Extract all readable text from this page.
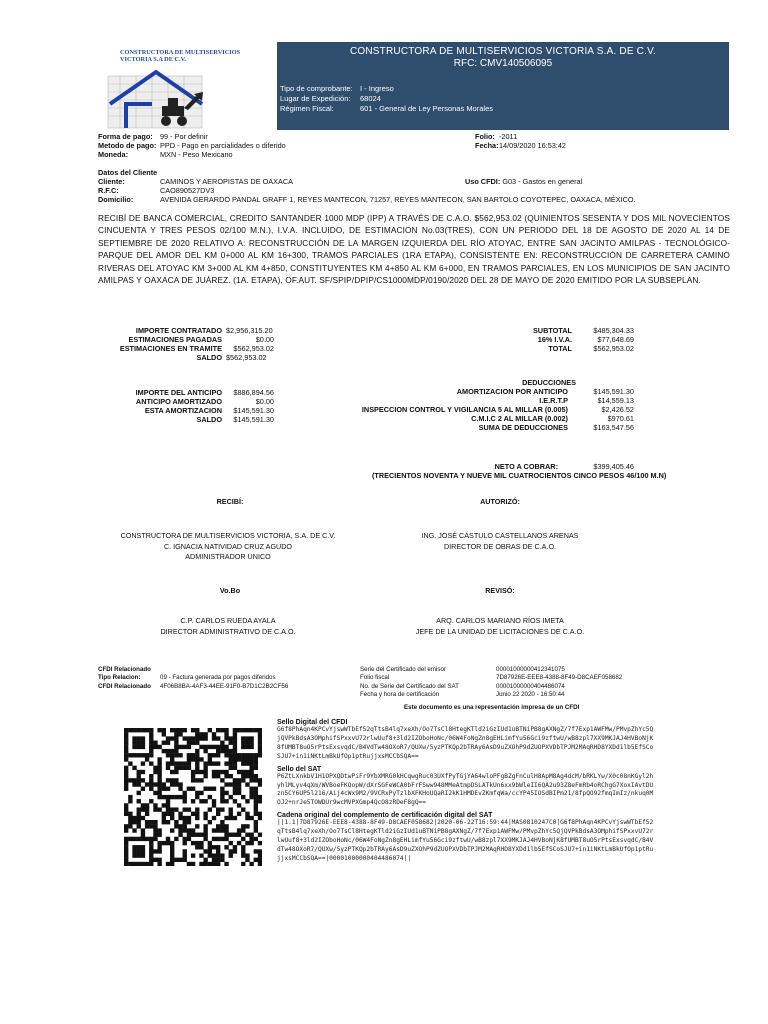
CONSTRUCTORA DE MULTISERVICIOS
VICTORIA S.A DE C.V.
CONSTRUCTORA DE MULTISERVICIOS VICTORIA S.A. DE C.V.
RFC: CMV140506095
Tipo de comprobante: I - Ingreso
Lugar de Expedición: 68024
Régimen Fiscal:	601 - General de Ley Personas Morales
Forma de pago: 99 - Por definir
Metodo de pago: PPD - Pago en parcialidades o diferido
Moneda:	MXN - Peso Mexicano
Folio: -2011
Fecha:14/09/2020 16:53:42
Datos del Cliente
Cliente:	CAMINOS Y AEROPISTAS DE OAXACA
R.F.C:	CAO890527DV3
Domicilio:	AVENIDA GERARDO PANDAL GRAFF 1, REYES MANTECON, 71257, REYES MANTECON, SAN BARTOLO COYOTEPEC, OAXACA, MÉXICO.
Uso CFDI: G03 - Gastos en general
RECIBÍ DE BANCA COMERCIAL, CREDITO SANTANDER 1000 MDP (IPP) A TRAVÉS DE C.A.O. $562,953.02 (QUINIENTOS SESENTA Y DOS MIL NOVECIENTOS CINCUENTA Y TRES PESOS 02/100 M.N.), I.V.A. INCLUIDO, DE ESTIMACION No.03(TRES), CON UN PERIODO DEL 18 DE AGOSTO DE 2020 AL 14 DE SEPTIEMBRE DE 2020 RELATIVO A: RECONSTRUCCIÓN DE LA MARGEN IZQUIERDA DEL RÍO ATOYAC, ENTRE SAN JACINTO AMILPAS - TECNOLÓGICO- PARQUE DEL AMOR DEL KM 0+000 AL KM 16+300, TRAMOS PARCIALES (1RA ETAPA), CONSISTENTE EN: RECONSTRUCCIÓN DE CARRETERA CAMINO RIVERAS DEL ATOYAC KM 3+000 AL KM 4+850, CONSTITUYENTES KM 4+850 AL KM 6+000, EN TRAMOS PARCIALES, EN LOS MUNICIPIOS DE SAN JACINTO AMILPAS Y OAXACA DE JUÁREZ. (1A. ETAPA), OF.AUT. SF/SPIP/DPIP/CS1000MDP/0190/2020 DEL 28 DE MAYO DE 2020 EMITIDO POR LA SUBSEPLAN.
IMPORTE CONTRATADO $2,956,315.20
ESTIMACIONES PAGADAS	$0.00
ESTIMACIONES EN TRAMITE	$562,953.02
SALDO $562,953.02
IMPORTE DEL ANTICIPO	$886,894.56
ANTICIPO AMORTIZADO	$0.00
ESTA AMORTIZACION	$145,591.30
SALDO	$145,591.30
SUBTOTAL	$485,304.33
16% I.V.A.	$77,648.69
TOTAL	$562,953.02
DEDUCCIONES
AMORTIZACION POR ANTICIPO	$145,591.30
I.E.R.T.P	$14,559.13
INSPECCION CONTROL Y VIGILANCIA 5 AL MILLAR (0.005)	$2,426.52
C.M.I.C 2 AL MILLAR (0.002)	$970.61
SUMA DE DEDUCCIONES	$163,547.56
NETO A COBRAR:	$399,405.46
(TRECIENTOS NOVENTA Y NUEVE MIL CUATROCIENTOS CINCO PESOS 46/100 M.N)
RECIBÍ:	AUTORIZÓ:
CONSTRUCTORA DE MULTISERVICIOS VICTORIA, S.A. DE C.V.
C. IGNACIA NATIVIDAD CRUZ AGUDO
ADMINISTRADOR UNICO
ING. JOSÉ CÁSTULO CASTELLANOS ARENAS
DIRECTOR DE OBRAS DE C.A.O.
Vo.Bo	REVISÓ:
C.P. CARLOS RUEDA AYALA
DIRECTOR ADMINISTRATIVO DE C.A.O.
ARQ. CARLOS MARIANO RÍOS IMETA
JEFE DE LA UNIDAD DE LICITACIONES DE C.A.O.
CFDI Relacionado
Tipo Relacion:	09 - Factura generada por pagos diferidos
CFDI Relacionado 4F06B8BA-4AF3-44EE-91F0-B7D1C2B2CF56
Serie del Certificado del emisor	00001000000412341075
Folio fiscal	7D87926E-EEE8-4388-8F49-D8CAEF058682
No. de Serie del Certificado del SAT	00001000000404486074
Fecha y hora de certificación	Junio 22 2020 - 16:50:44
Este documento es una representación impresa de un CFDI
Sello Digital del CFDI
G6f8PhAqn4KPCvYjswWTbEf52qTtsB4lq7xeXh/Oo7TsCl8HtegKTld2iGzIUd1uBTNiPB8gAXNgZ/7f7Exp1AWFMw/PMvpZhYc5QjQVPkBdsA3OMphifSPxxvU72rlwUuf8+3ld2IZOboHoNc/06W4FoNgZn8gEHLimfYu56Gci9zftwU/wB8zpl7XX9MKJAJ4HVBoNjK8fUMBT8uO5rPtsExsvqdC/B4VdTw48OXoR7/QUXw/5yzPTKQp2bTRAy6AsD9uZXOhP9dZUOPXVDbTPJM2MAqRHD8YXDd1lb5EfSCoSJU7+in1iNKtLmBkUfOp1ptRujjxsMCCbSQA==
Sello del SAT
P6ZtLXnkbV1H1OPXQDtwPiFr9YbXMRG0kHCqwgRuc03UXfPyTGjYA64wloPFgBZgFnCulH8ApM8Ag4dcM/bRKLYw/X0c08nKGyl2hyhlMLyv4qXm/WVBoeFKOopW/dXrSGFeWCA0bFrFSww948MMeAtmpDSLATkUn6xx9bWleII6QA2u93Z8eFmRb4oRChgG7XoxIAvtDUzn5CY6UP5l216/Aij4cWx9M2/9VCRxPyTzlbXFKHoUQaRI2kK1HMDEvZKmfqWa/ccYP45IOSdBIPm21/8fpQO92fmqImIz/nkuq0MOJ2+nrJe5TOWDUr9wcMVPXGmp4QcO8zRDeF8gQ==
Cadena original del complemento de certificación digital del SAT
||1.1|7D87926E-EEE8-4388-8F49-D8CAEF058682|2020-06-22T16:59:44|MAS0810247C0|G6f8PhAqn4KPCvYjswWTbEf52qTtsB4lq7xeXh/Oo7TsCl8HtegKTld2iGzIUd1uBTNiPB8gAXNgZ/7f7Exp1AWFMw/PMvpZhYc5QjQVPkBdsA3OMphifSPxxvU72rlwUuf8+3ld2IZOboHoNc/06W4FoNgZn8gEHLimfYu56Gci9zftwU/wB8zpl7XX9MKJAJ4HVBoNjK8fUMBT8uO5rPtsExsvqdC/B4VdTw48OXoR7/QUXw/5yzPTKQp2bTRAy6AsD9uZXOhP9dZUOPXVDbTPJM2MAqRHD8YXDd1lb5EfSCoSJU7+in1iNKtLmBkUfOp1ptRujjxsMCCbSQA==|00001000000404486074||
